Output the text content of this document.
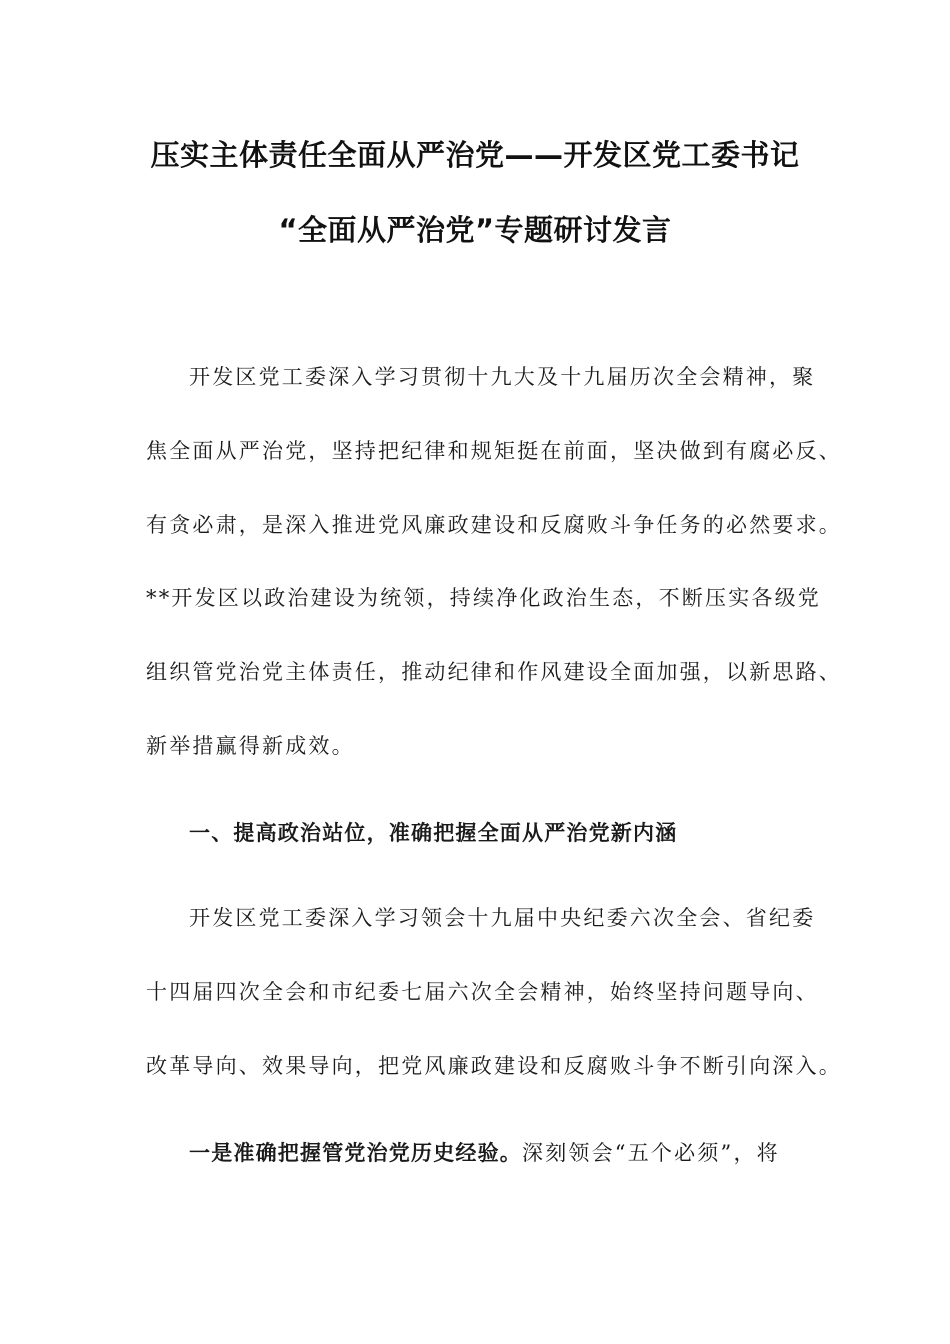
压实主体责任全面从严治党——开发区党工委书记
“全面从严治党”专题研讨发言
开发区党工委深入学习贯彻十九大及十九届历次全会精神，聚
焦全面从严治党，坚持把纪律和规矩挺在前面，坚决做到有腐必反、
有贪必肃，是深入推进党风廉政建设和反腐败斗争任务的必然要求。
**开发区以政治建设为统领，持续净化政治生态，不断压实各级党
组织管党治党主体责任，推动纪律和作风建设全面加强，以新思路、
新举措赢得新成效。
一、提高政治站位，准确把握全面从严治党新内涵
开发区党工委深入学习领会十九届中央纪委六次全会、省纪委
十四届四次全会和市纪委七届六次全会精神，始终坚持问题导向、
改革导向、效果导向，把党风廉政建设和反腐败斗争不断引向深入。
一是准确把握管党治党历史经验。深刻领会“五个必须”，将
